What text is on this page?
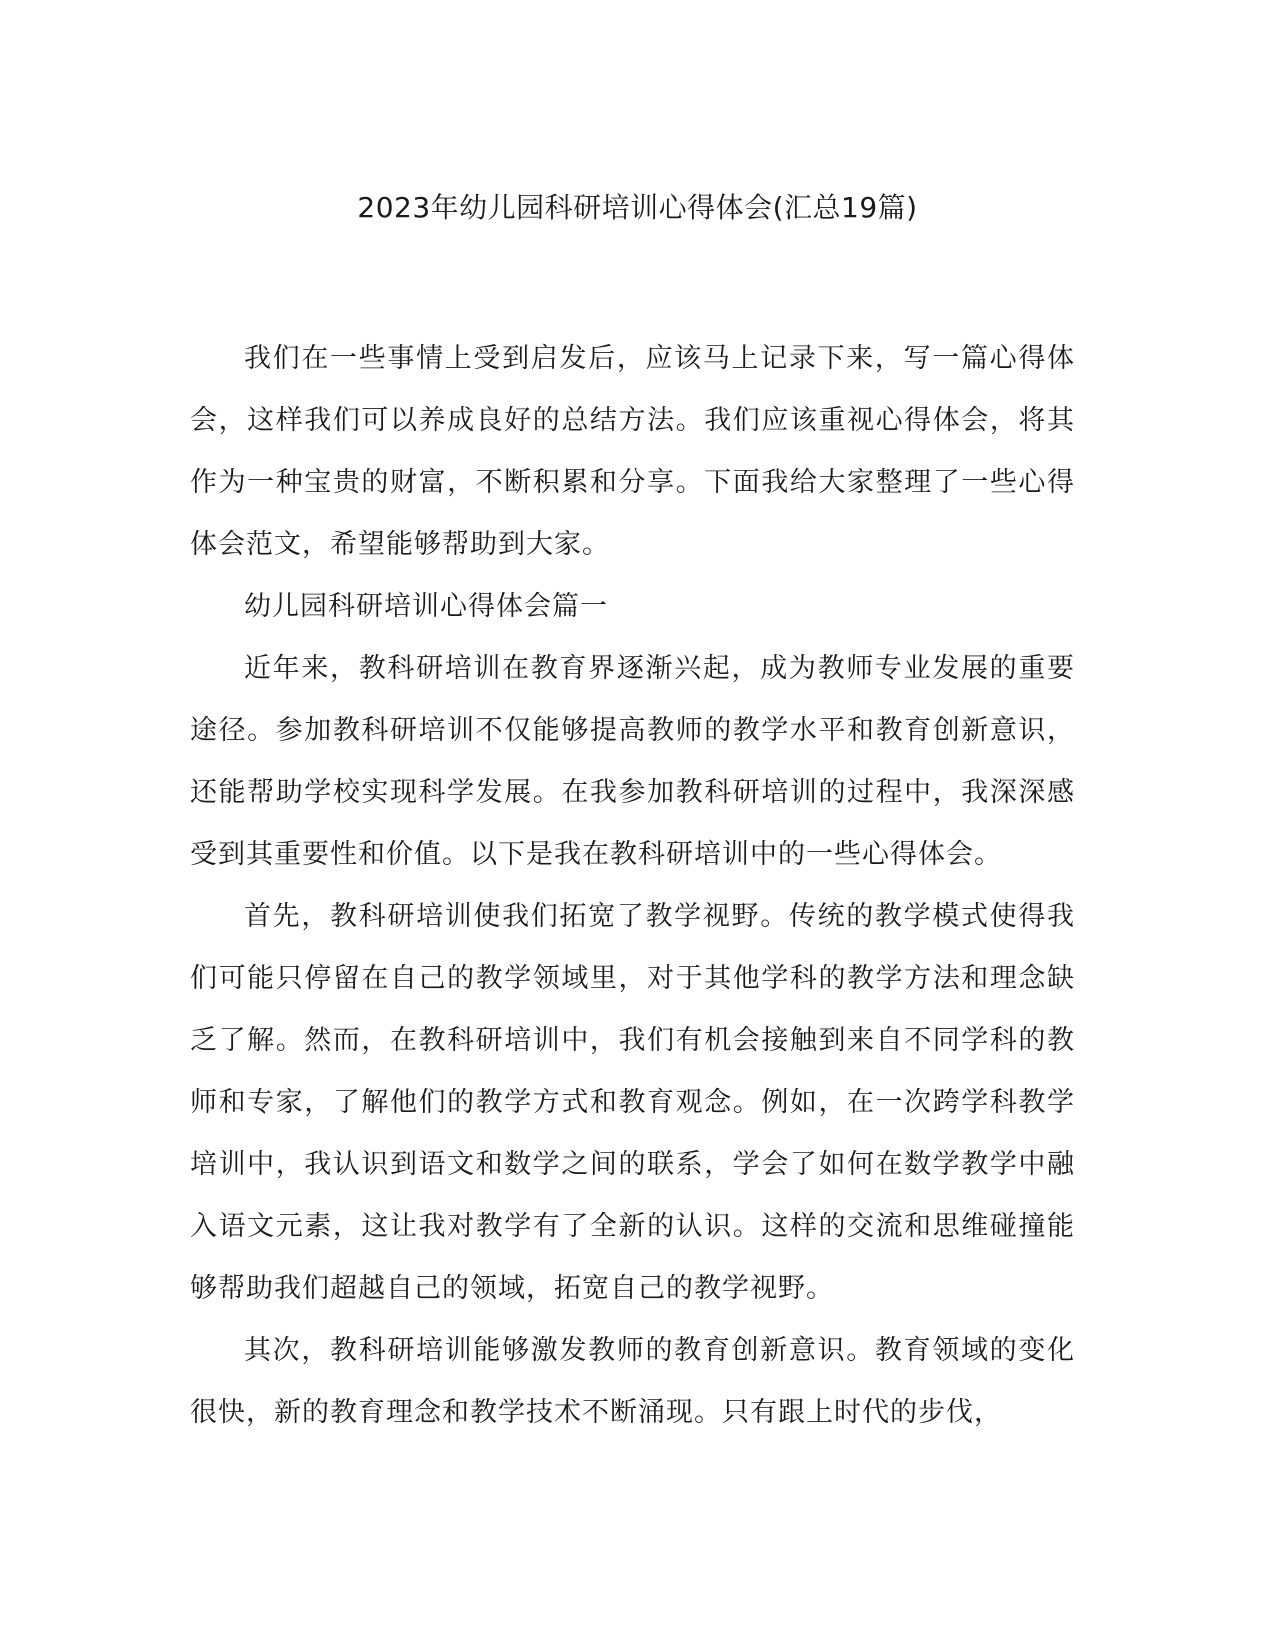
2023年幼儿园科研培训心得体会(汇总19篇)

我们在一些事情上受到启发后，应该马上记录下来，写一篇心得体会，这样我们可以养成良好的总结方法。我们应该重视心得体会，将其作为一种宝贵的财富，不断积累和分享。下面我给大家整理了一些心得体会范文，希望能够帮助到大家。

幼儿园科研培训心得体会篇一

近年来，教科研培训在教育界逐渐兴起，成为教师专业发展的重要途径。参加教科研培训不仅能够提高教师的教学水平和教育创新意识，还能帮助学校实现科学发展。在我参加教科研培训的过程中，我深深感受到其重要性和价值。以下是我在教科研培训中的一些心得体会。

首先，教科研培训使我们拓宽了教学视野。传统的教学模式使得我们可能只停留在自己的教学领域里，对于其他学科的教学方法和理念缺乏了解。然而，在教科研培训中，我们有机会接触到来自不同学科的教师和专家，了解他们的教学方式和教育观念。例如，在一次跨学科教学培训中，我认识到语文和数学之间的联系，学会了如何在数学教学中融入语文元素，这让我对教学有了全新的认识。这样的交流和思维碰撞能够帮助我们超越自己的领域，拓宽自己的教学视野。

其次，教科研培训能够激发教师的教育创新意识。教育领域的变化很快，新的教育理念和教学技术不断涌现。只有跟上时代的步伐，
